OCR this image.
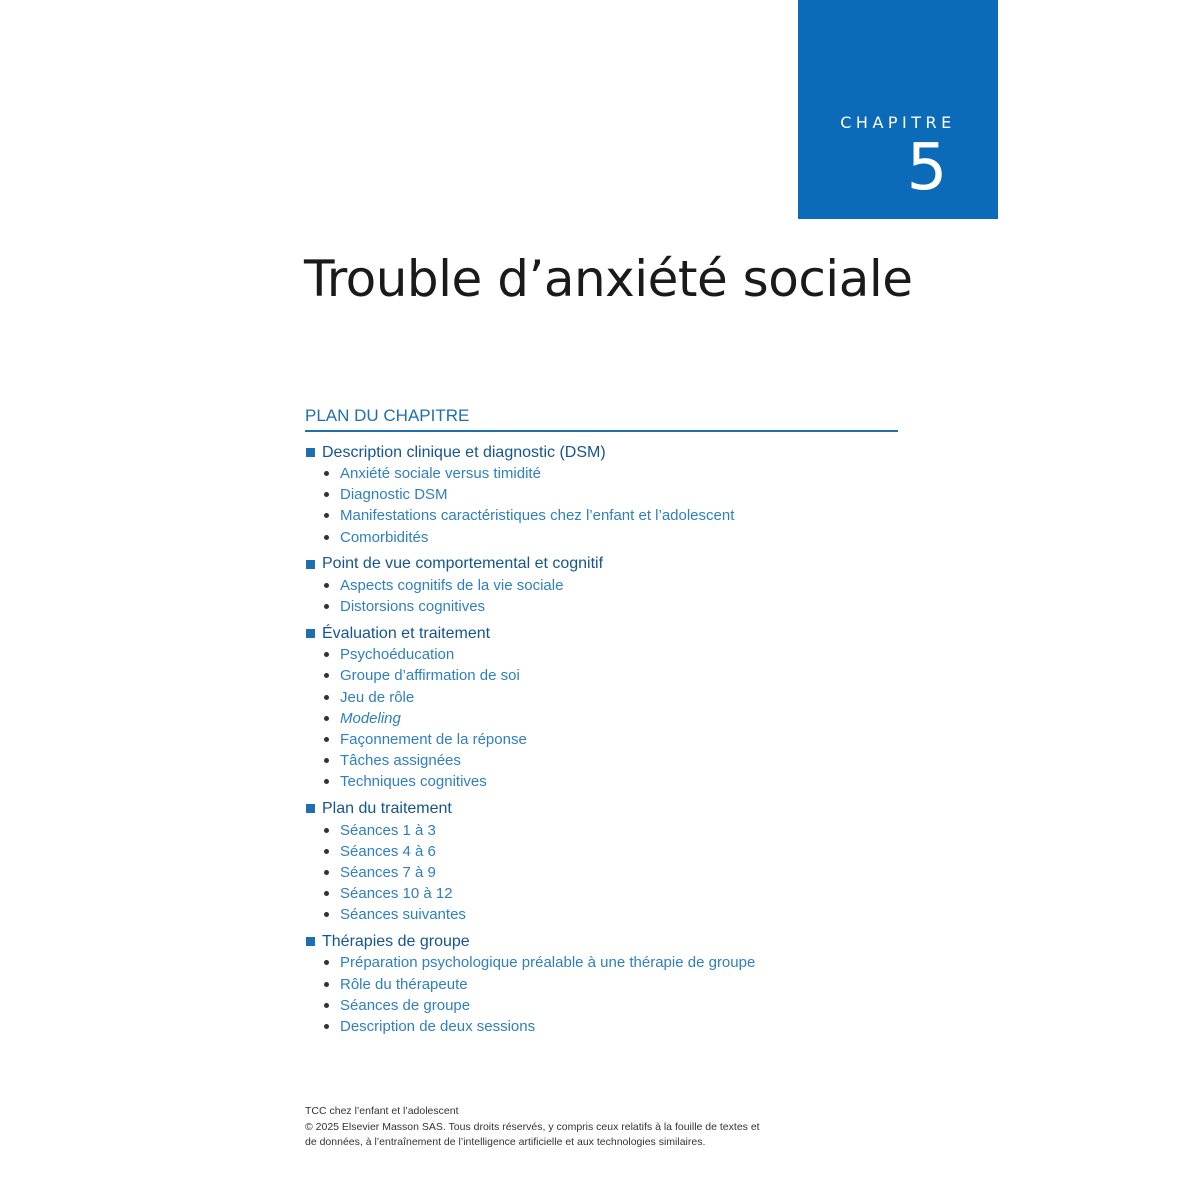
CHAPITRE
5
Trouble d’anxiété sociale
PLAN DU CHAPITRE
Description clinique et diagnostic (DSM)
Anxiété sociale versus timidité
Diagnostic DSM
Manifestations caractéristiques chez l’enfant et l’adolescent
Comorbidités
Point de vue comportemental et cognitif
Aspects cognitifs de la vie sociale
Distorsions cognitives
Évaluation et traitement
Psychoéducation
Groupe d’affirmation de soi
Jeu de rôle
Modeling
Façonnement de la réponse
Tâches assignées
Techniques cognitives
Plan du traitement
Séances 1 à 3
Séances 4 à 6
Séances 7 à 9
Séances 10 à 12
Séances suivantes
Thérapies de groupe
Préparation psychologique préalable à une thérapie de groupe
Rôle du thérapeute
Séances de groupe
Description de deux sessions
TCC chez l’enfant et l’adolescent
© 2025 Elsevier Masson SAS. Tous droits réservés, y compris ceux relatifs à la fouille de textes et
de données, à l’entraînement de l’intelligence artificielle et aux technologies similaires.
